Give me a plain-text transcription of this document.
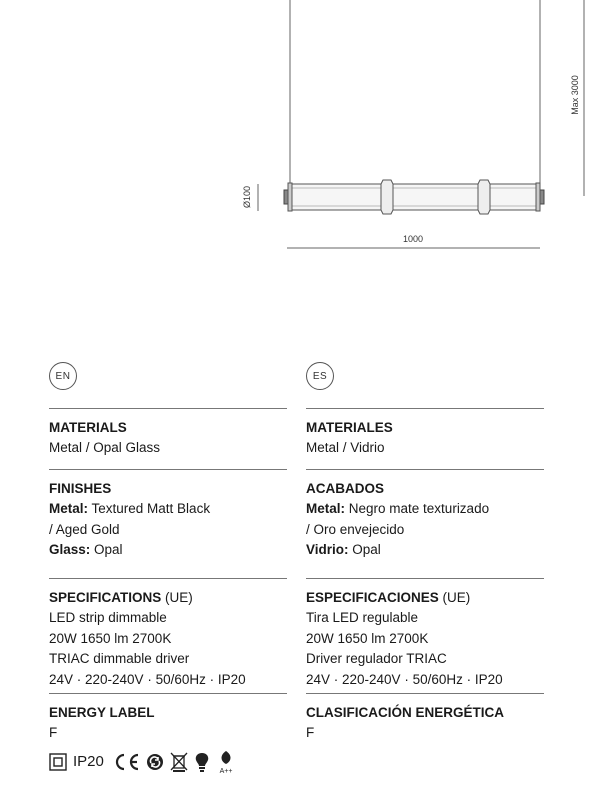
Max 3000
Ø100
1000
EN
MATERIALS
Metal / Opal Glass
FINISHES
Metal: Textured Matt Black
/ Aged Gold
Glass: Opal
SPECIFICATIONS (UE)
LED strip dimmable
20W 1650 lm 2700K
TRIAC dimmable driver
24V · 220-240V · 50/60Hz · IP20
ENERGY LABEL
F
IP20
A++
ES
MATERIALES
Metal / Vidrio
ACABADOS
Metal: Negro mate texturizado
/ Oro envejecido
Vidrio: Opal
ESPECIFICACIONES (UE)
Tira LED regulable
20W 1650 lm 2700K
Driver regulador TRIAC
24V · 220-240V · 50/60Hz · IP20
CLASIFICACIÓN ENERGÉTICA
F
